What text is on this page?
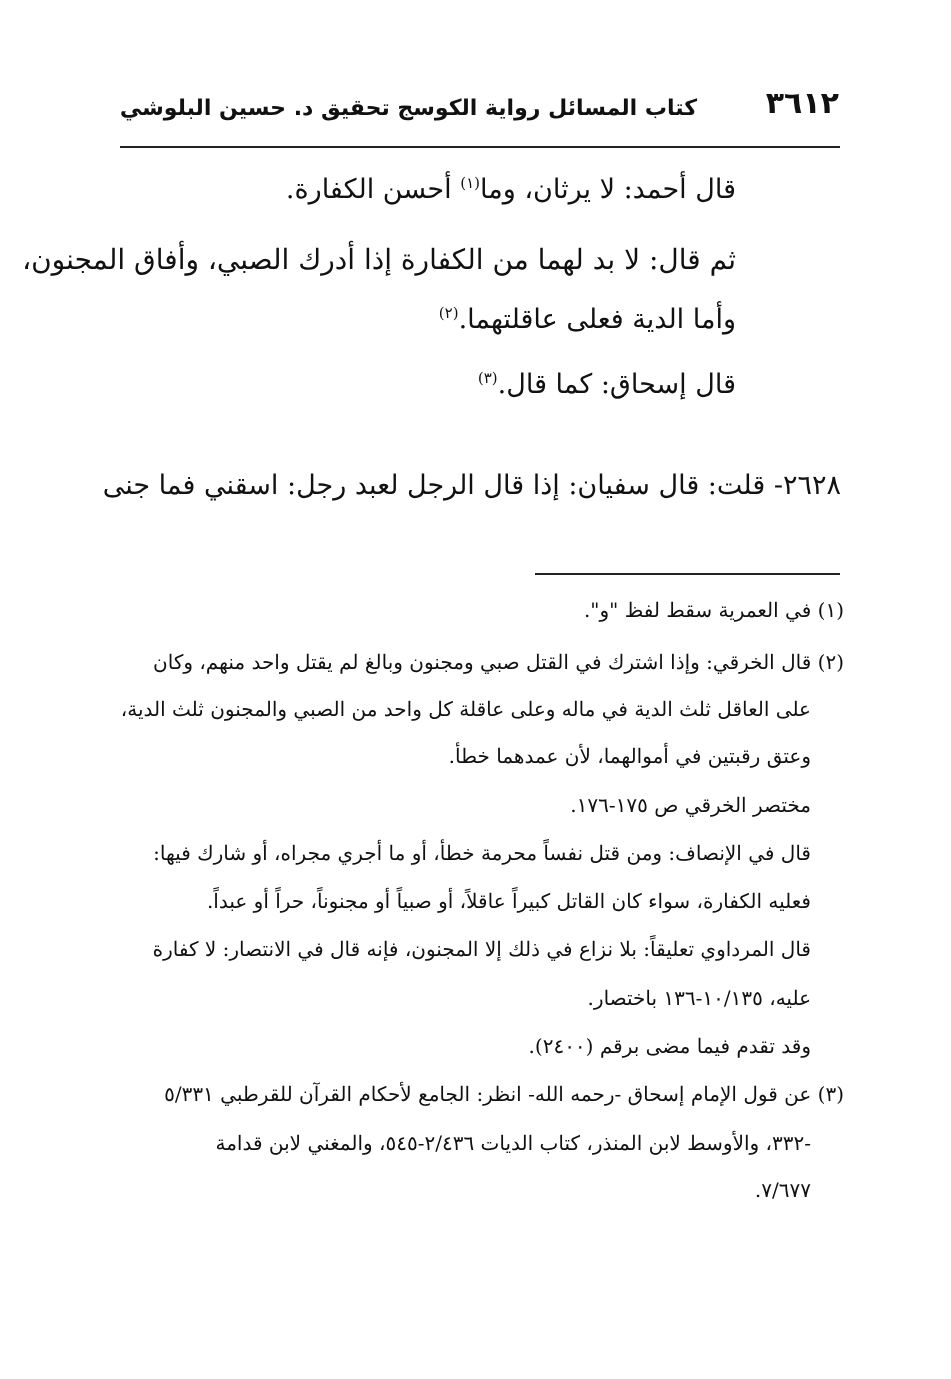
٣٦١٢
كتاب المسائل رواية الكوسج تحقيق د. حسين البلوشي
قال أحمد: لا يرثان، وما$^{(١)}$ أحسن الكفارة.
ثم قال: لا بد لهما من الكفارة إذا أدرك الصبي، وأفاق المجنون،
وأما الدية فعلى عاقلتهما.$^{(٢)}$
قال إسحاق: كما قال.$^{(٣)}$
٢٦٢٨- قلت: قال سفيان: إذا قال الرجل لعبد رجل: اسقني فما جنى
(١) في العمرية سقط لفظ "و".
(٢) قال الخرقي: وإذا اشترك في القتل صبي ومجنون وبالغ لم يقتل واحد منهم، وكان
على العاقل ثلث الدية في ماله وعلى عاقلة كل واحد من الصبي والمجنون ثلث الدية،
وعتق رقبتين في أموالهما، لأن عمدهما خطأ.
مختصر الخرقي ص ١٧٥-١٧٦.
قال في الإنصاف: ومن قتل نفساً محرمة خطأ، أو ما أجري مجراه، أو شارك فيها:
فعليه الكفارة، سواء كان القاتل كبيراً عاقلاً، أو صبياً أو مجنوناً، حراً أو عبداً.
قال المرداوي تعليقاً: بلا نزاع في ذلك إلا المجنون، فإنه قال في الانتصار: لا كفارة
عليه، ١٠/١٣٥-١٣٦ باختصار.
وقد تقدم فيما مضى برقم (٢٤٠٠).
(٣) عن قول الإمام إسحاق -رحمه الله- انظر: الجامع لأحكام القرآن للقرطبي ٥/٣٣١
-٣٣٢، والأوسط لابن المنذر، كتاب الديات ٢/٤٣٦-٥٤٥، والمغني لابن قدامة
٧/٦٧٧.
